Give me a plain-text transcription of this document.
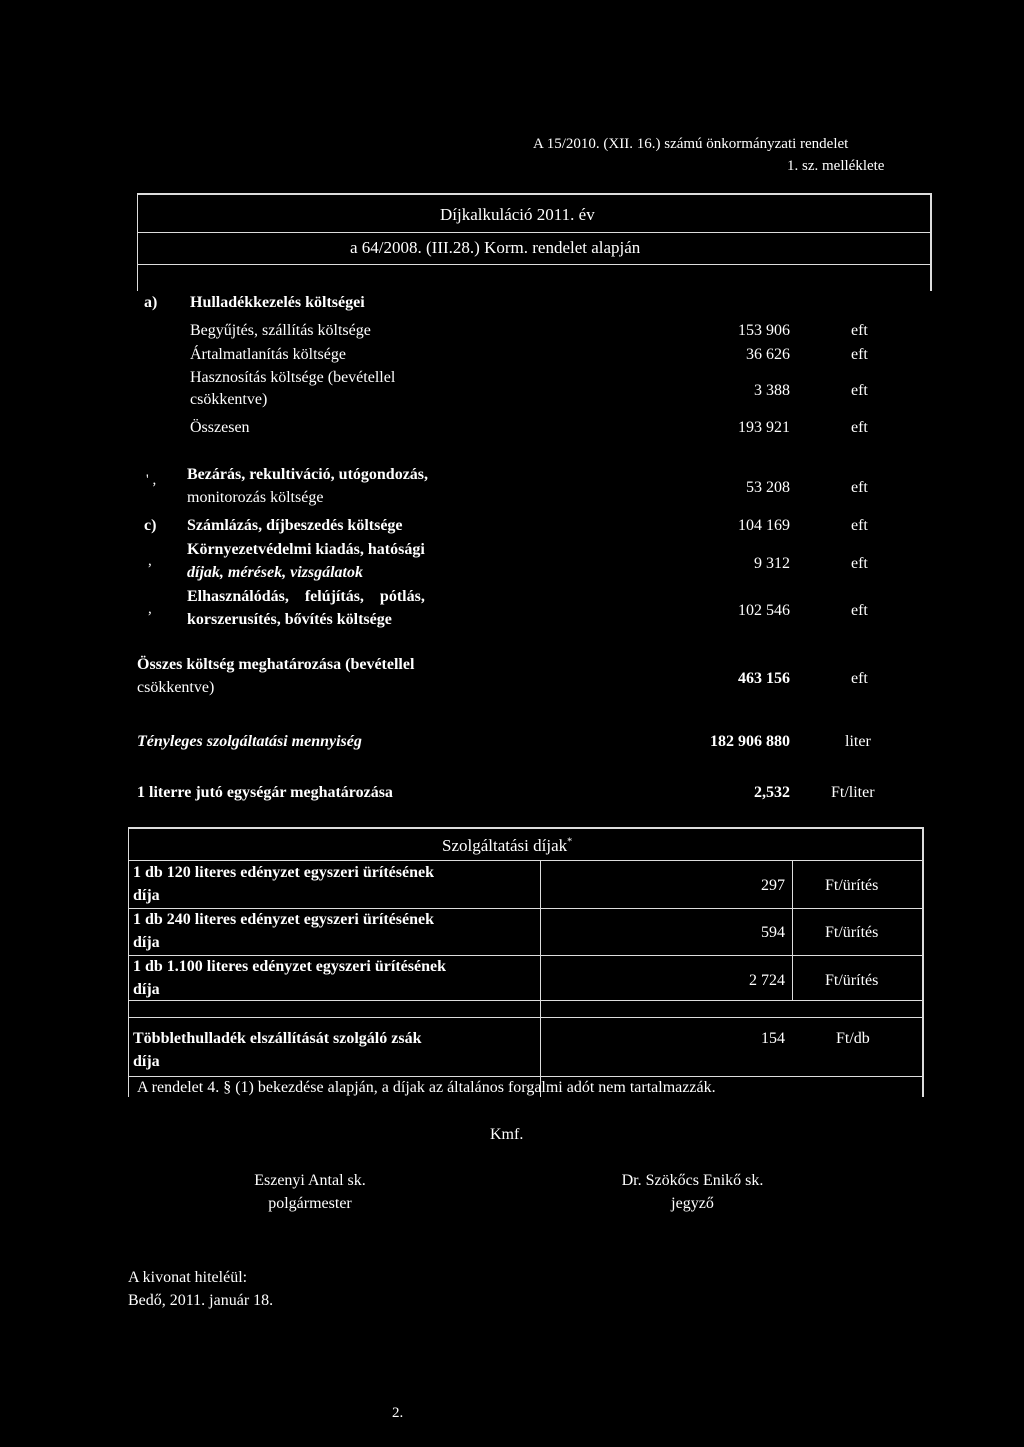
A 15/2010. (XII. 16.) számú önkormányzati rendelet
1. sz. melléklete
Díjkalkuláció 2011. év
a 64/2008. (III.28.) Korm. rendelet alapján
a) Hulladékkezelés költségei
Begyűjtés, szállítás költsége	153 906	eft
Ártalmatlanítás költsége	36 626	eft
Hasznosítás költsége (bevétellel
csökkentve)
3 388	eft
Összesen	193 921	eft
' , Bezárás, rekultiváció, utógondozás,
monitorozás költsége
53 208	eft
c) Számlázás, díjbeszedés költsége	104 169	eft
,
Környezetvédelmi kiadás, hatósági
díjak, mérések, vizsgálatok
9 312	eft
,
Elhasználódás,    felújítás,    pótlás,
korszerusítés, bővítés költsége
102 546	eft
Összes költség meghatározása (bevétellel
csökkentve)
463 156	eft
Tényleges szolgáltatási mennyiség	182 906 880	liter
1 literre jutó egységár meghatározása	2,532	Ft/liter
Szolgáltatási díjak*
1 db 120 literes edényzet egyszeri ürítésének
díja
297	Ft/ürítés
1 db 240 literes edényzet egyszeri ürítésének
díja
594	Ft/ürítés
1 db 1.100 literes edényzet egyszeri ürítésének
díja
2 724	Ft/ürítés
Többlethulladék elszállítását szolgáló zsák
díja
154	Ft/db
A rendelet 4. § (1) bekezdése alapján, a díjak az általános forgalmi adót nem tartalmazzák.
Kmf.
Eszenyi Antal sk.
polgármester
Dr. Szökőcs Enikő sk.
jegyző
A kivonat hiteléül:
Bedő, 2011. január 18.
2.
